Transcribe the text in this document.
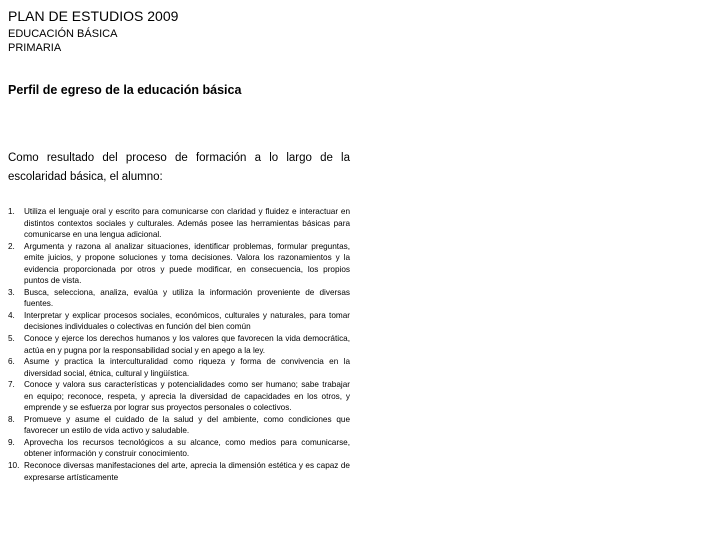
PLAN DE ESTUDIOS 2009
EDUCACIÓN BÁSICA
PRIMARIA
Perfil de egreso de la educación básica
Como resultado del proceso de formación a lo largo de la escolaridad básica, el alumno:
1.	Utiliza el lenguaje oral y escrito para comunicarse con claridad y fluidez e interactuar en distintos contextos sociales y culturales. Además posee las herramientas básicas para comunicarse en una lengua adicional.
2.	Argumenta y razona al analizar situaciones, identificar problemas, formular preguntas, emite juicios, y propone soluciones y toma decisiones. Valora los razonamientos y la evidencia proporcionada por otros y puede modificar, en consecuencia, los propios puntos de vista.
3.	Busca, selecciona, analiza, evalúa y utiliza la información proveniente de diversas fuentes.
4.	Interpretar y explicar procesos sociales, económicos, culturales y naturales, para tomar decisiones individuales o colectivas en función del bien común
5.	Conoce y ejerce los derechos humanos y los valores que favorecen la vida democrática, actúa en y pugna por la responsabilidad social y en apego a la ley.
6.	Asume y practica la interculturalidad como riqueza y forma de convivencia en la diversidad social, étnica, cultural y lingüística.
7.	Conoce y valora sus características y potencialidades como ser humano; sabe trabajar en equipo; reconoce, respeta, y aprecia la diversidad de capacidades en los otros, y emprende y se esfuerza por lograr sus proyectos personales o colectivos.
8.	Promueve y asume el cuidado de la salud y del ambiente, como condiciones que favorecer un estilo de vida activo y saludable.
9.	Aprovecha los recursos tecnológicos a su alcance, como medios para comunicarse, obtener información y construir conocimiento.
10. Reconoce diversas manifestaciones del arte, aprecia la dimensión estética y es capaz de expresarse artísticamente
